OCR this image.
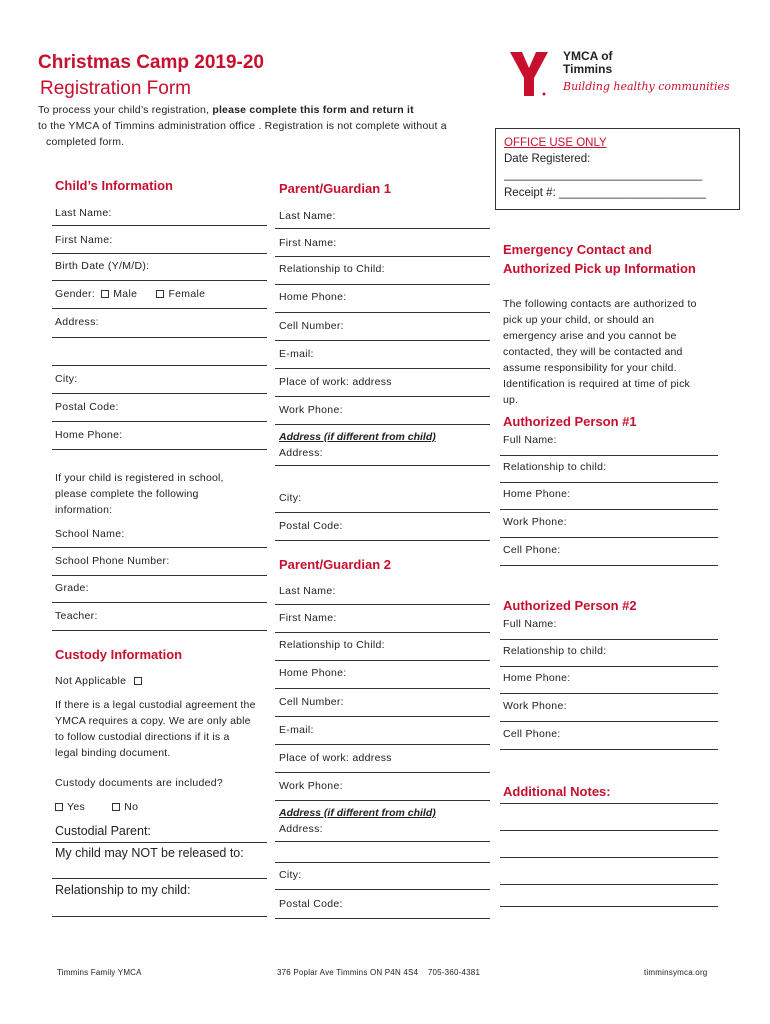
Christmas Camp 2019-20
Registration Form
YMCA of
Timmins
Building healthy communities
To process your child’s registration, please complete this form and return it
to the YMCA of Timmins administration office . Registration is not complete without a
completed form.	OFFICE USE ONLY
Date Registered:
_______________________________
Receipt #: _______________________
Child’s Information
Last Name:
First Name:
Birth Date (Y/M/D):
Gender: Male	Female
Address:
City:
Postal Code:
Home Phone:
If your child is registered in school,
please complete the following
information:
School Name:
School Phone Number:
Grade:
Teacher:
Custody Information
Not Applicable
If there is a legal custodial agreement the
YMCA requires a copy. We are only able
to follow custodial directions if it is a
legal binding document.
Custody documents are included?
Yes	No
Custodial Parent:
My child may NOT be released to:
Relationship to my child:
Parent/Guardian 1
Last Name:
First Name:
Relationship to Child:
Home Phone:
Cell Number:
E-mail:
Place of work: address
Work Phone:
Address (if different from child)
Address:
City:
Postal Code:
Parent/Guardian 2
Last Name:
First Name:
Relationship to Child:
Home Phone:
Cell Number:
E-mail:
Place of work: address
Work Phone:
Address (if different from child)
Address:
City:
Postal Code:
Emergency Contact and
Authorized Pick up Information
The following contacts are authorized to
pick up your child, or should an
emergency arise and you cannot be
contacted, they will be contacted and
assume responsibility for your child.
Identification is required at time of pick
up.
Authorized Person #1
Full Name:
Relationship to child:
Home Phone:
Work Phone:
Cell Phone:
Authorized Person #2
Full Name:
Relationship to child:
Home Phone:
Work Phone:
Cell Phone:
Additional Notes:
Timmins Family YMCA	376 Poplar Ave Timmins ON P4N 4S4    705-360-4381	timminsymca.org
